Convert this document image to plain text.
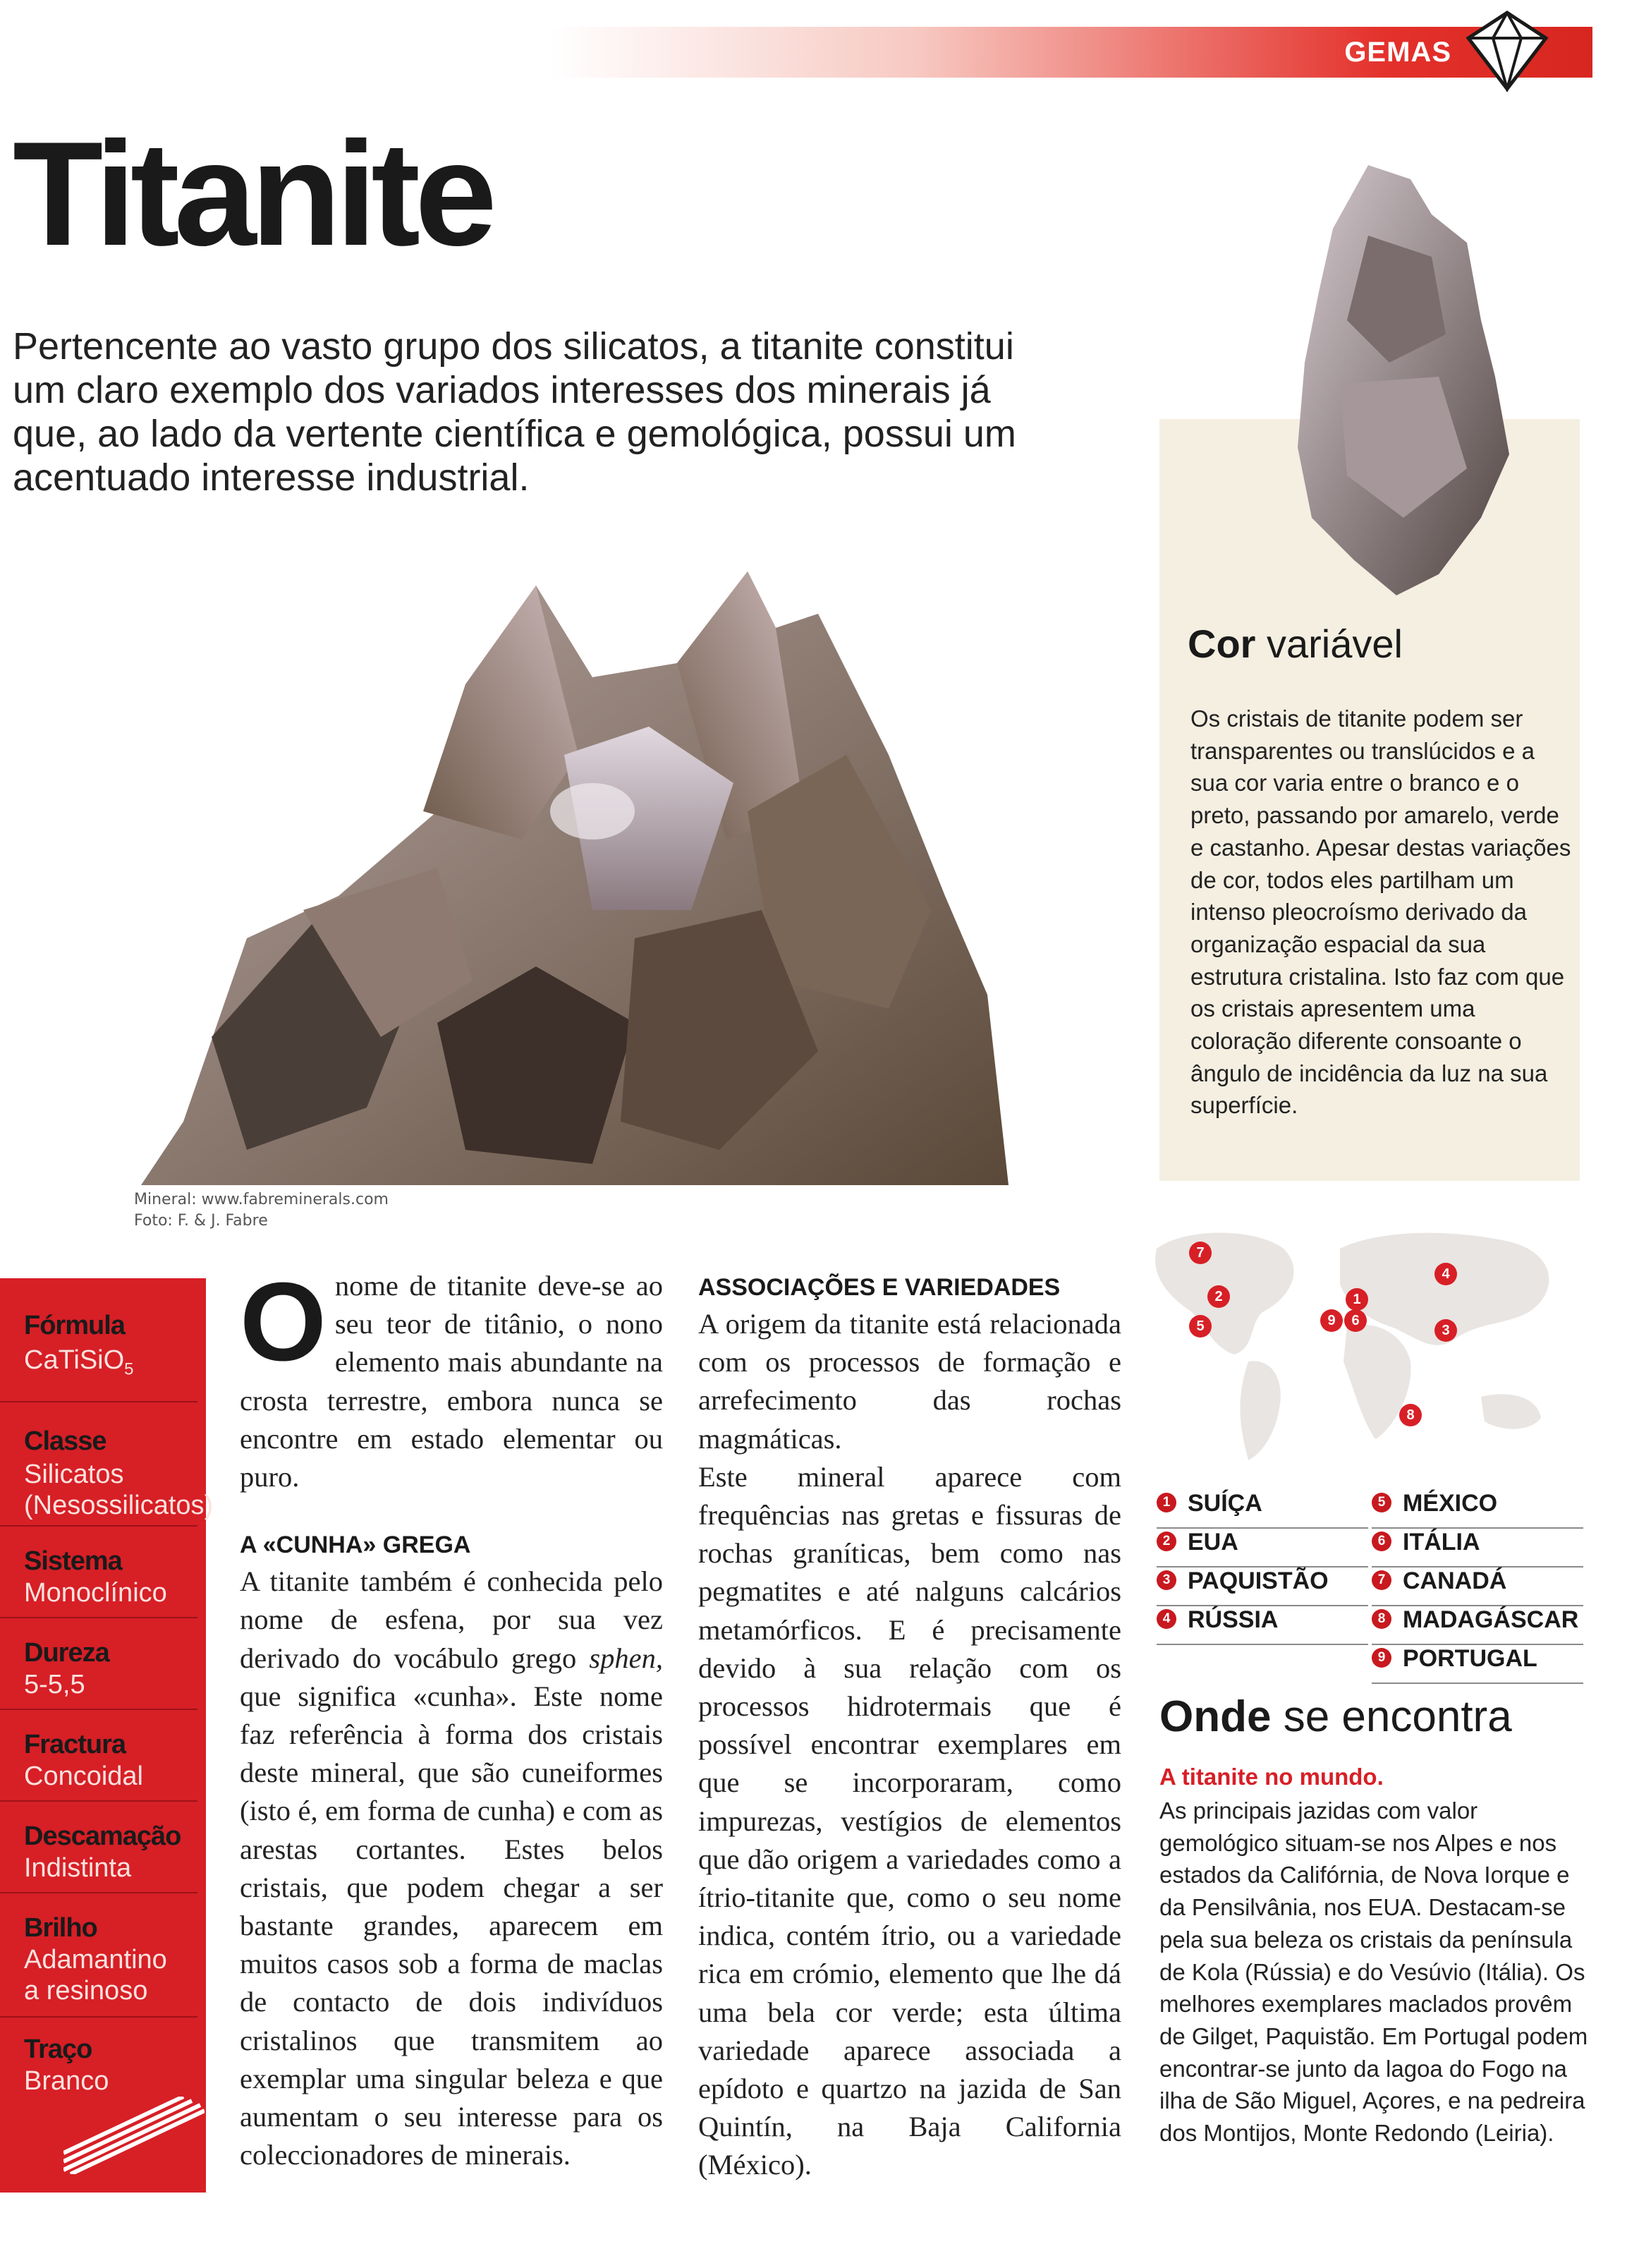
GEMAS
Titanite
Pertencente ao vasto grupo dos silicatos, a titanite constitui um claro exemplo dos variados interesses dos minerais já que, ao lado da vertente científica e gemológica, possui um acentuado interesse industrial.
Mineral: www.fabreminerals.com
Foto: F. & J. Fabre
Cor variável
Os cristais de titanite podem ser transparentes ou translúcidos e a sua cor varia entre o branco e o preto, passando por amarelo, verde e castanho. Apesar destas variações de cor, todos eles partilham um intenso pleocroísmo derivado da organização espacial da sua estrutura cristalina. Isto faz com que os cristais apresentem uma coloração diferente consoante o ângulo de incidência da luz na sua superfície.
Fórmula
CaTiSiO$_5$
Classe
Silicatos (Nesossilicatos)
Sistema
Monoclínico
Dureza
5-5,5
Fractura
Concoidal
Descamação
Indistinta
Brilho
Adamantino a resinoso
Traço
Branco

Onome de titanite deve-se ao seu teor de titânio, o nono elemento mais abundante na crosta terrestre, embora nunca se encontre em estado elementar ou puro.

A «CUNHA» GREGA

A titanite também é conhecida pelo nome de esfena, por sua vez derivado do vocábulo grego sphen, que significa «cunha». Este nome faz referência à forma dos cristais deste mineral, que são cuneiformes (isto é, em forma de cunha) e com as arestas cortantes. Estes belos cristais, que podem chegar a ser bastante grandes, aparecem em muitos casos sob a forma de maclas de contacto de dois indivíduos cristalinos que transmitem ao exemplar uma singular beleza e que aumentam o seu interesse para os coleccionadores de minerais.

ASSOCIAÇÕES E VARIEDADES

A origem da titanite está relacionada com os processos de formação e arrefecimento das rochas magmáticas.

Este mineral aparece com frequências nas gretas e fissuras de rochas graníticas, bem como nas pegmatites e até nalguns calcários metamórficos. E é precisamente devido à sua relação com os processos hidrotermais que é possível encontrar exemplares em que se incorporaram, como impurezas, vestígios de elementos que dão origem a variedades como a ítrio-titanite que, como o seu nome indica, contém ítrio, ou a variedade rica em crómio, elemento que lhe dá uma bela cor verde; esta última variedade aparece associada a epídoto e quartzo na jazida de San Quintín, na Baja California (México).

7
2
5
1
6
9
4
3
8
1 SUÍÇA
2 EUA
3 PAQUISTÃO
4 RÚSSIA
5 MÉXICO
6 ITÁLIA
7 CANADÁ
8 MADAGÁSCAR
9 PORTUGAL
Onde se encontra
A titanite no mundo.
As principais jazidas com valor gemológico situam-se nos Alpes e nos estados da Califórnia, de Nova Iorque e da Pensilvânia, nos EUA. Destacam-se pela sua beleza os cristais da península de Kola (Rússia) e do Vesúvio (Itália). Os melhores exemplares maclados provêm de Gilget, Paquistão. Em Portugal podem encontrar-se junto da lagoa do Fogo na ilha de São Miguel, Açores, e na pedreira dos Montijos, Monte Redondo (Leiria).
